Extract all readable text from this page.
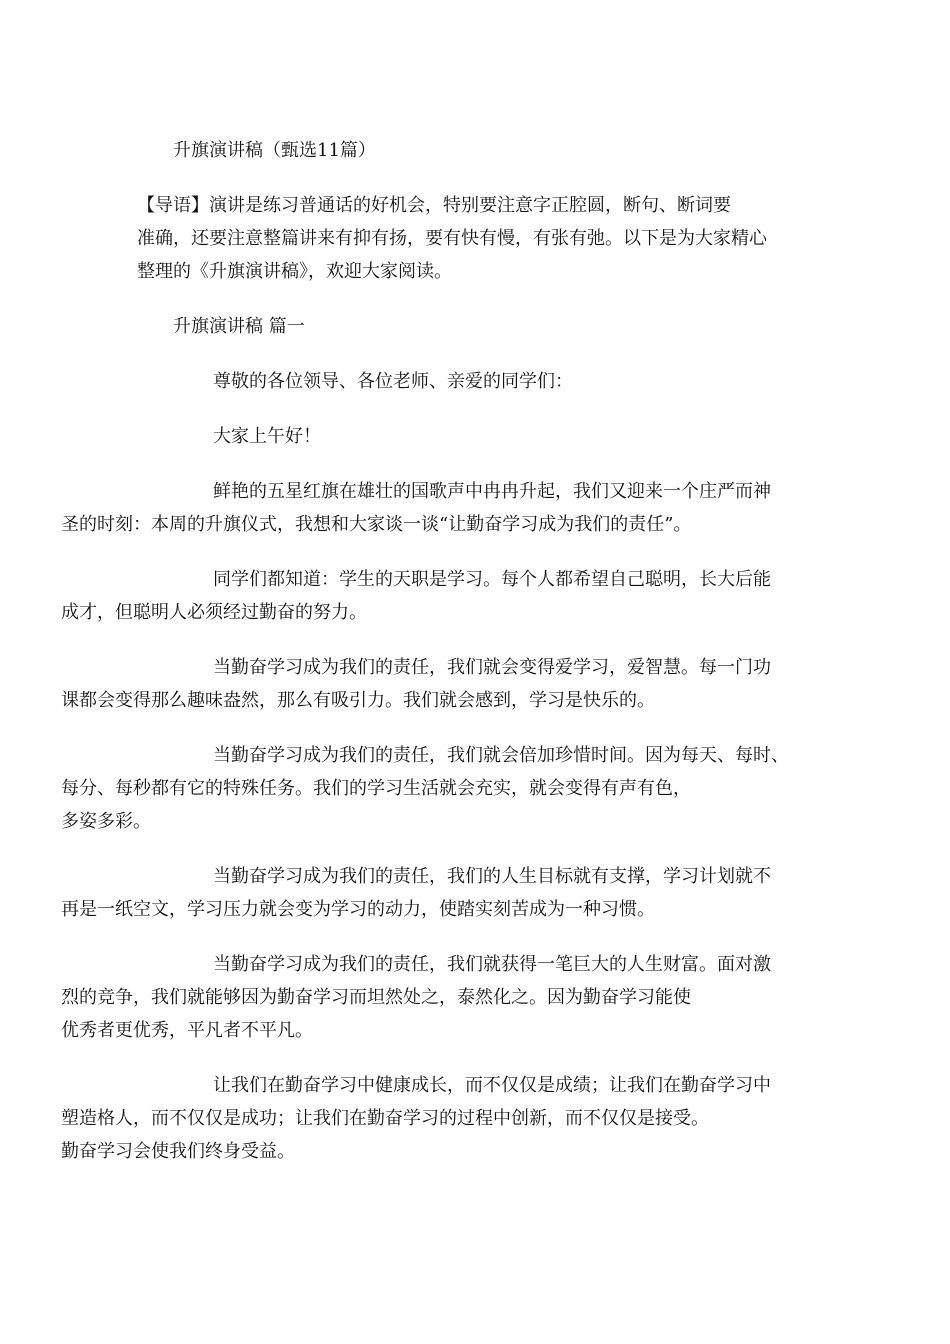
升旗演讲稿（甄选11篇）

【导语】演讲是练习普通话的好机会，特别要注意字正腔圆，断句、断词要
准确，还要注意整篇讲来有抑有扬，要有快有慢，有张有弛。以下是为大家精心
整理的《升旗演讲稿》，欢迎大家阅读。

升旗演讲稿 篇一

尊敬的各位领导、各位老师、亲爱的同学们：

大家上午好！

鲜艳的五星红旗在雄壮的国歌声中冉冉升起，我们又迎来一个庄严而神
圣的时刻：本周的升旗仪式，我想和大家谈一谈“让勤奋学习成为我们的责任”。

同学们都知道：学生的天职是学习。每个人都希望自己聪明，长大后能
成才，但聪明人必须经过勤奋的努力。

当勤奋学习成为我们的责任，我们就会变得爱学习，爱智慧。每一门功
课都会变得那么趣味盎然，那么有吸引力。我们就会感到，学习是快乐的。

当勤奋学习成为我们的责任，我们就会倍加珍惜时间。因为每天、每时、
每分、每秒都有它的特殊任务。我们的学习生活就会充实，就会变得有声有色，
多姿多彩。

当勤奋学习成为我们的责任，我们的人生目标就有支撑，学习计划就不
再是一纸空文，学习压力就会变为学习的动力，使踏实刻苦成为一种习惯。

当勤奋学习成为我们的责任，我们就获得一笔巨大的人生财富。面对激
烈的竞争，我们就能够因为勤奋学习而坦然处之，泰然化之。因为勤奋学习能使
优秀者更优秀，平凡者不平凡。

让我们在勤奋学习中健康成长，而不仅仅是成绩；让我们在勤奋学习中
塑造格人，而不仅仅是成功；让我们在勤奋学习的过程中创新，而不仅仅是接受。
勤奋学习会使我们终身受益。
